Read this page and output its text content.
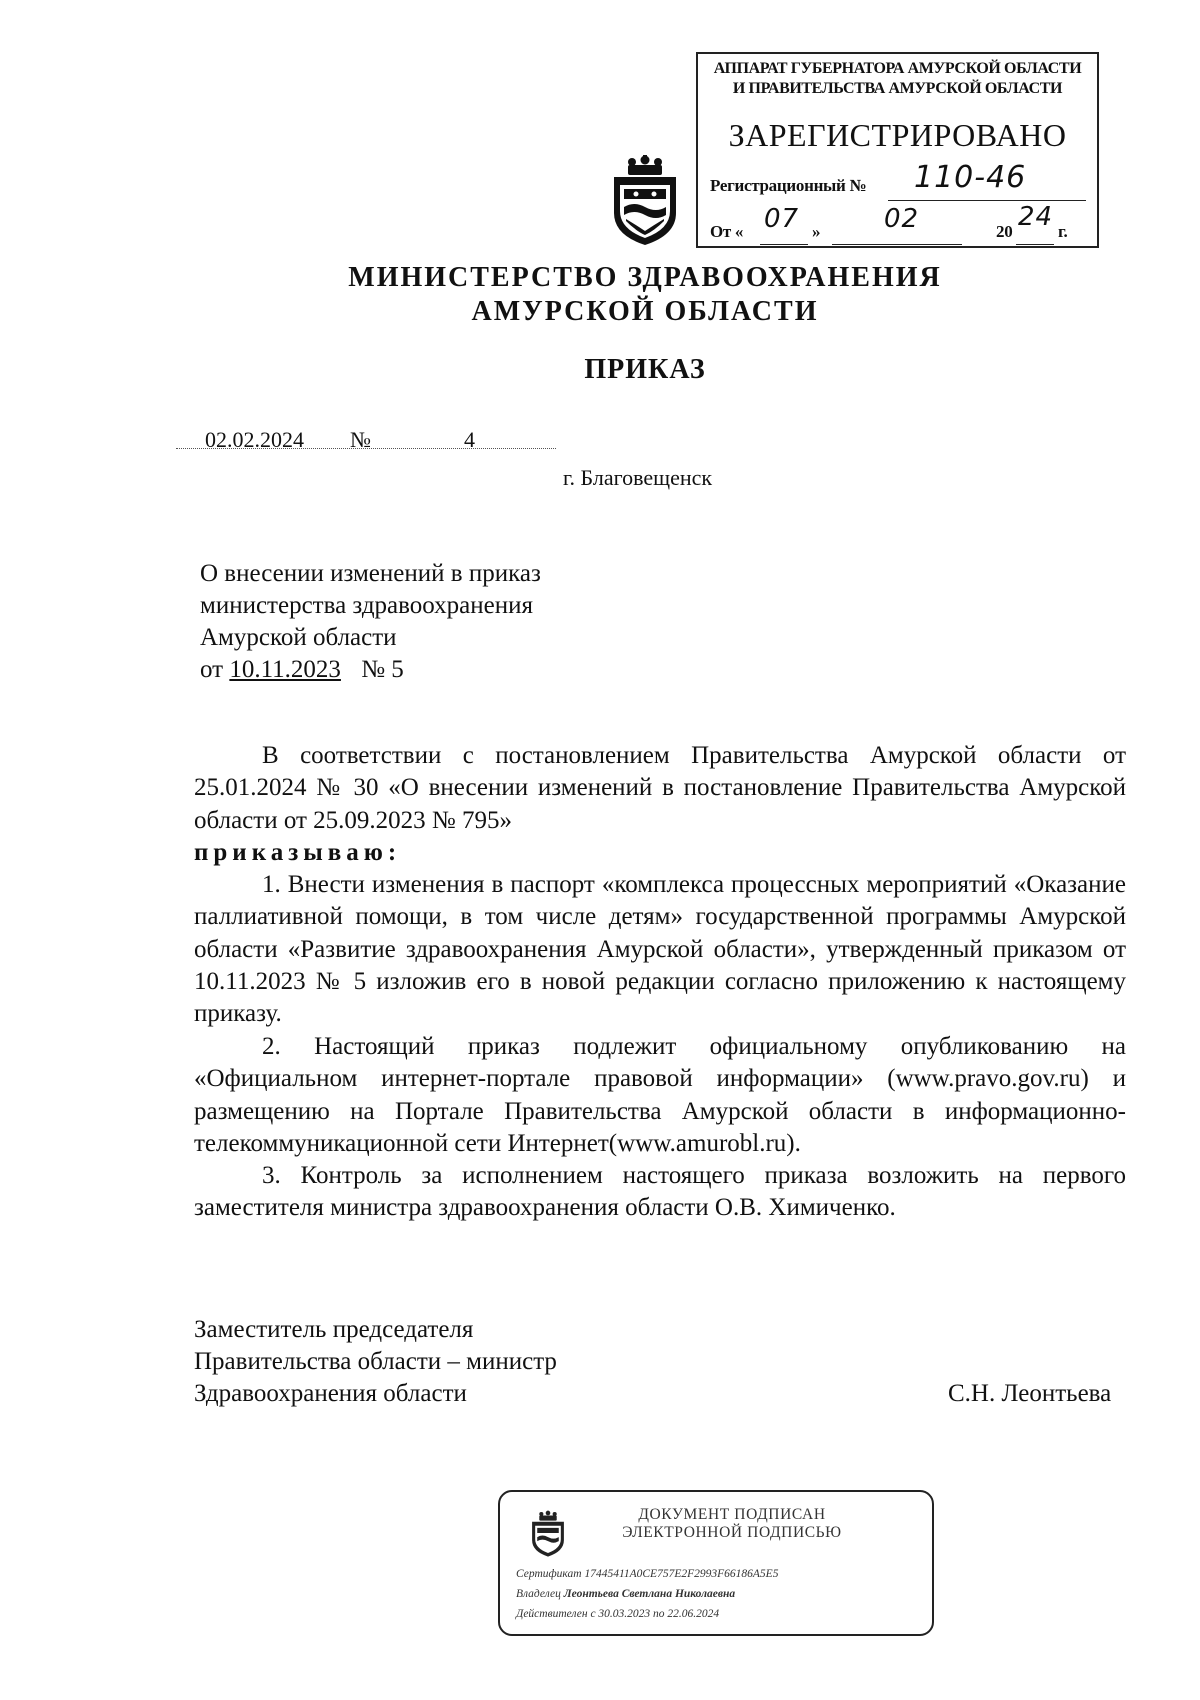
АППАРАТ ГУБЕРНАТОРА АМУРСКОЙ ОБЛАСТИ
И ПРАВИТЕЛЬСТВА АМУРСКОЙ ОБЛАСТИ
ЗАРЕГИСТРИРОВАНО
Регистрационный № 110-46
От « 07 » 02	20 24 г.
МИНИСТЕРСТВО ЗДРАВООХРАНЕНИЯ
АМУРСКОЙ ОБЛАСТИ
ПРИКАЗ
02.02.2024 №	4
г. Благовещенск
О внесении изменений в приказ
министерства здравоохранения
Амурской области
от 10.11.2023 № 5
В соответствии с постановлением Правительства Амурской области от 25.01.2024 № 30 «О внесении изменений в постановление Правительства Амурской области от 25.09.2023 № 795»
приказываю:
1. Внести изменения в паспорт «комплекса процессных мероприятий «Оказание паллиативной помощи, в том числе детям» государственной программы Амурской области «Развитие здравоохранения Амурской области», утвержденный приказом от 10.11.2023 № 5 изложив его в новой редакции согласно приложению к настоящему приказу.
2. Настоящий приказ подлежит официальному опубликованию на «Официальном интернет-портале правовой информации» (www.pravo.gov.ru) и размещению на Портале Правительства Амурской области в информационно-телекоммуникационной сети Интернет(www.amurobl.ru).
3. Контроль за исполнением настоящего приказа возложить на первого заместителя министра здравоохранения области О.В. Химиченко.
Заместитель председателя
Правительства области – министр
Здравоохранения области	С.Н. Леонтьева
ДОКУМЕНТ ПОДПИСАН
ЭЛЕКТРОННОЙ ПОДПИСЬЮ
Сертификат 17445411A0CE757E2F2993F66186A5E5
Владелец Леонтьева Светлана Николаевна
Действителен с 30.03.2023 по 22.06.2024
